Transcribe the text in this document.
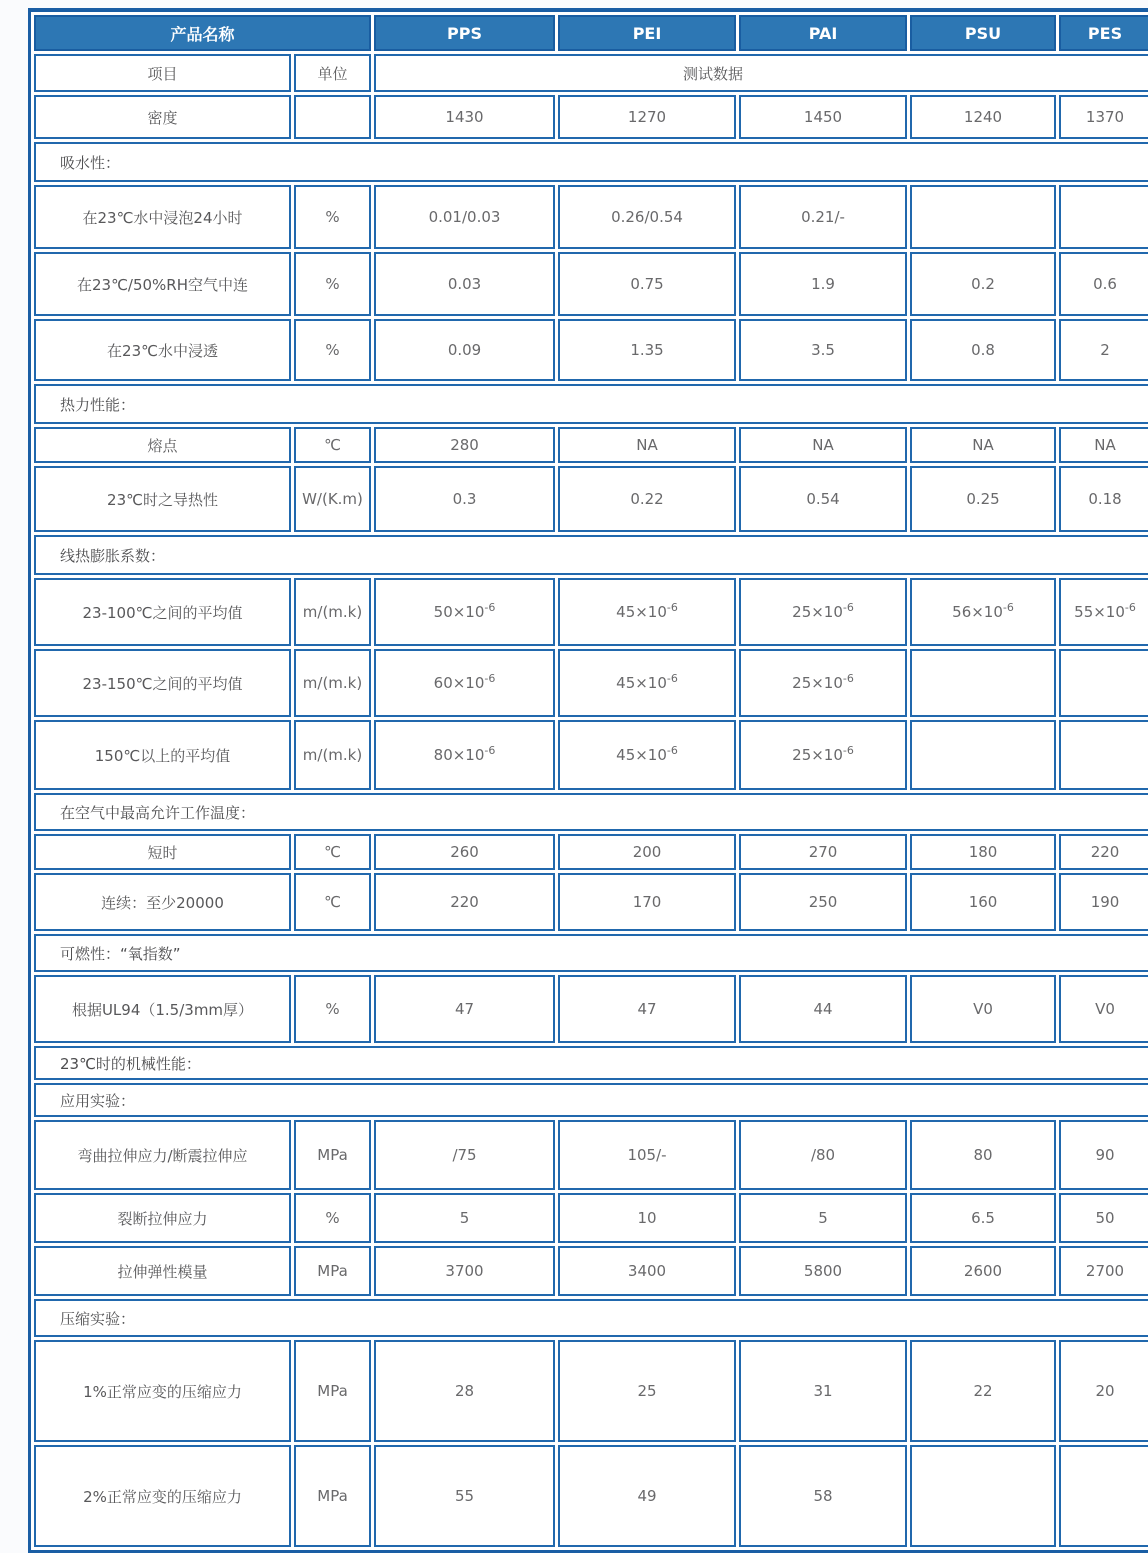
产品名称		PPS	PEI	PAI	PSU	PES
项目	单位	测试数据				
密度		1430	1270	1450	1240	1370
吸水性：						
在23℃水中浸泡24小时	%	0.01/0.03	0.26/0.54	0.21/-		
在23℃/50%RH空气中连	%	0.03	0.75	1.9	0.2	0.6
在23℃水中浸透	%	0.09	1.35	3.5	0.8	2
热力性能：						
熔点	℃	280	NA	NA	NA	NA
23℃时之导热性	W/(K.m)	0.3	0.22	0.54	0.25	0.18
线热膨胀系数：						
23-100℃之间的平均值	m/(m.k)	$50\times 10^{-6}$	$45\times 10^{-6}$	$25\times 10^{-6}$	$56\times 10^{-6}$	$55\times 10^{-6}$
23-150℃之间的平均值	m/(m.k)	$60\times 10^{-6}$	$45\times 10^{-6}$	$25\times 10^{-6}$		
150℃以上的平均值	m/(m.k)	$80\times 10^{-6}$	$45\times 10^{-6}$	$25\times 10^{-6}$		
在空气中最高允许工作温度：						
短时	℃	260	200	270	180	220
连续：至少20000	℃	220	170	250	160	190
可燃性：“氧指数”						
根据UL94（1.5/3mm厚）	%	47	47	44	V0	V0
23℃时的机械性能：						
应用实验：						
弯曲拉伸应力/断震拉伸应	MPa	/75	105/-	/80	80	90
裂断拉伸应力	%	5	10	5	6.5	50
拉伸弹性模量	MPa	3700	3400	5800	2600	2700
压缩实验：						
1%正常应变的压缩应力	MPa	28	25	31	22	20
2%正常应变的压缩应力	MPa	55	49	58		
